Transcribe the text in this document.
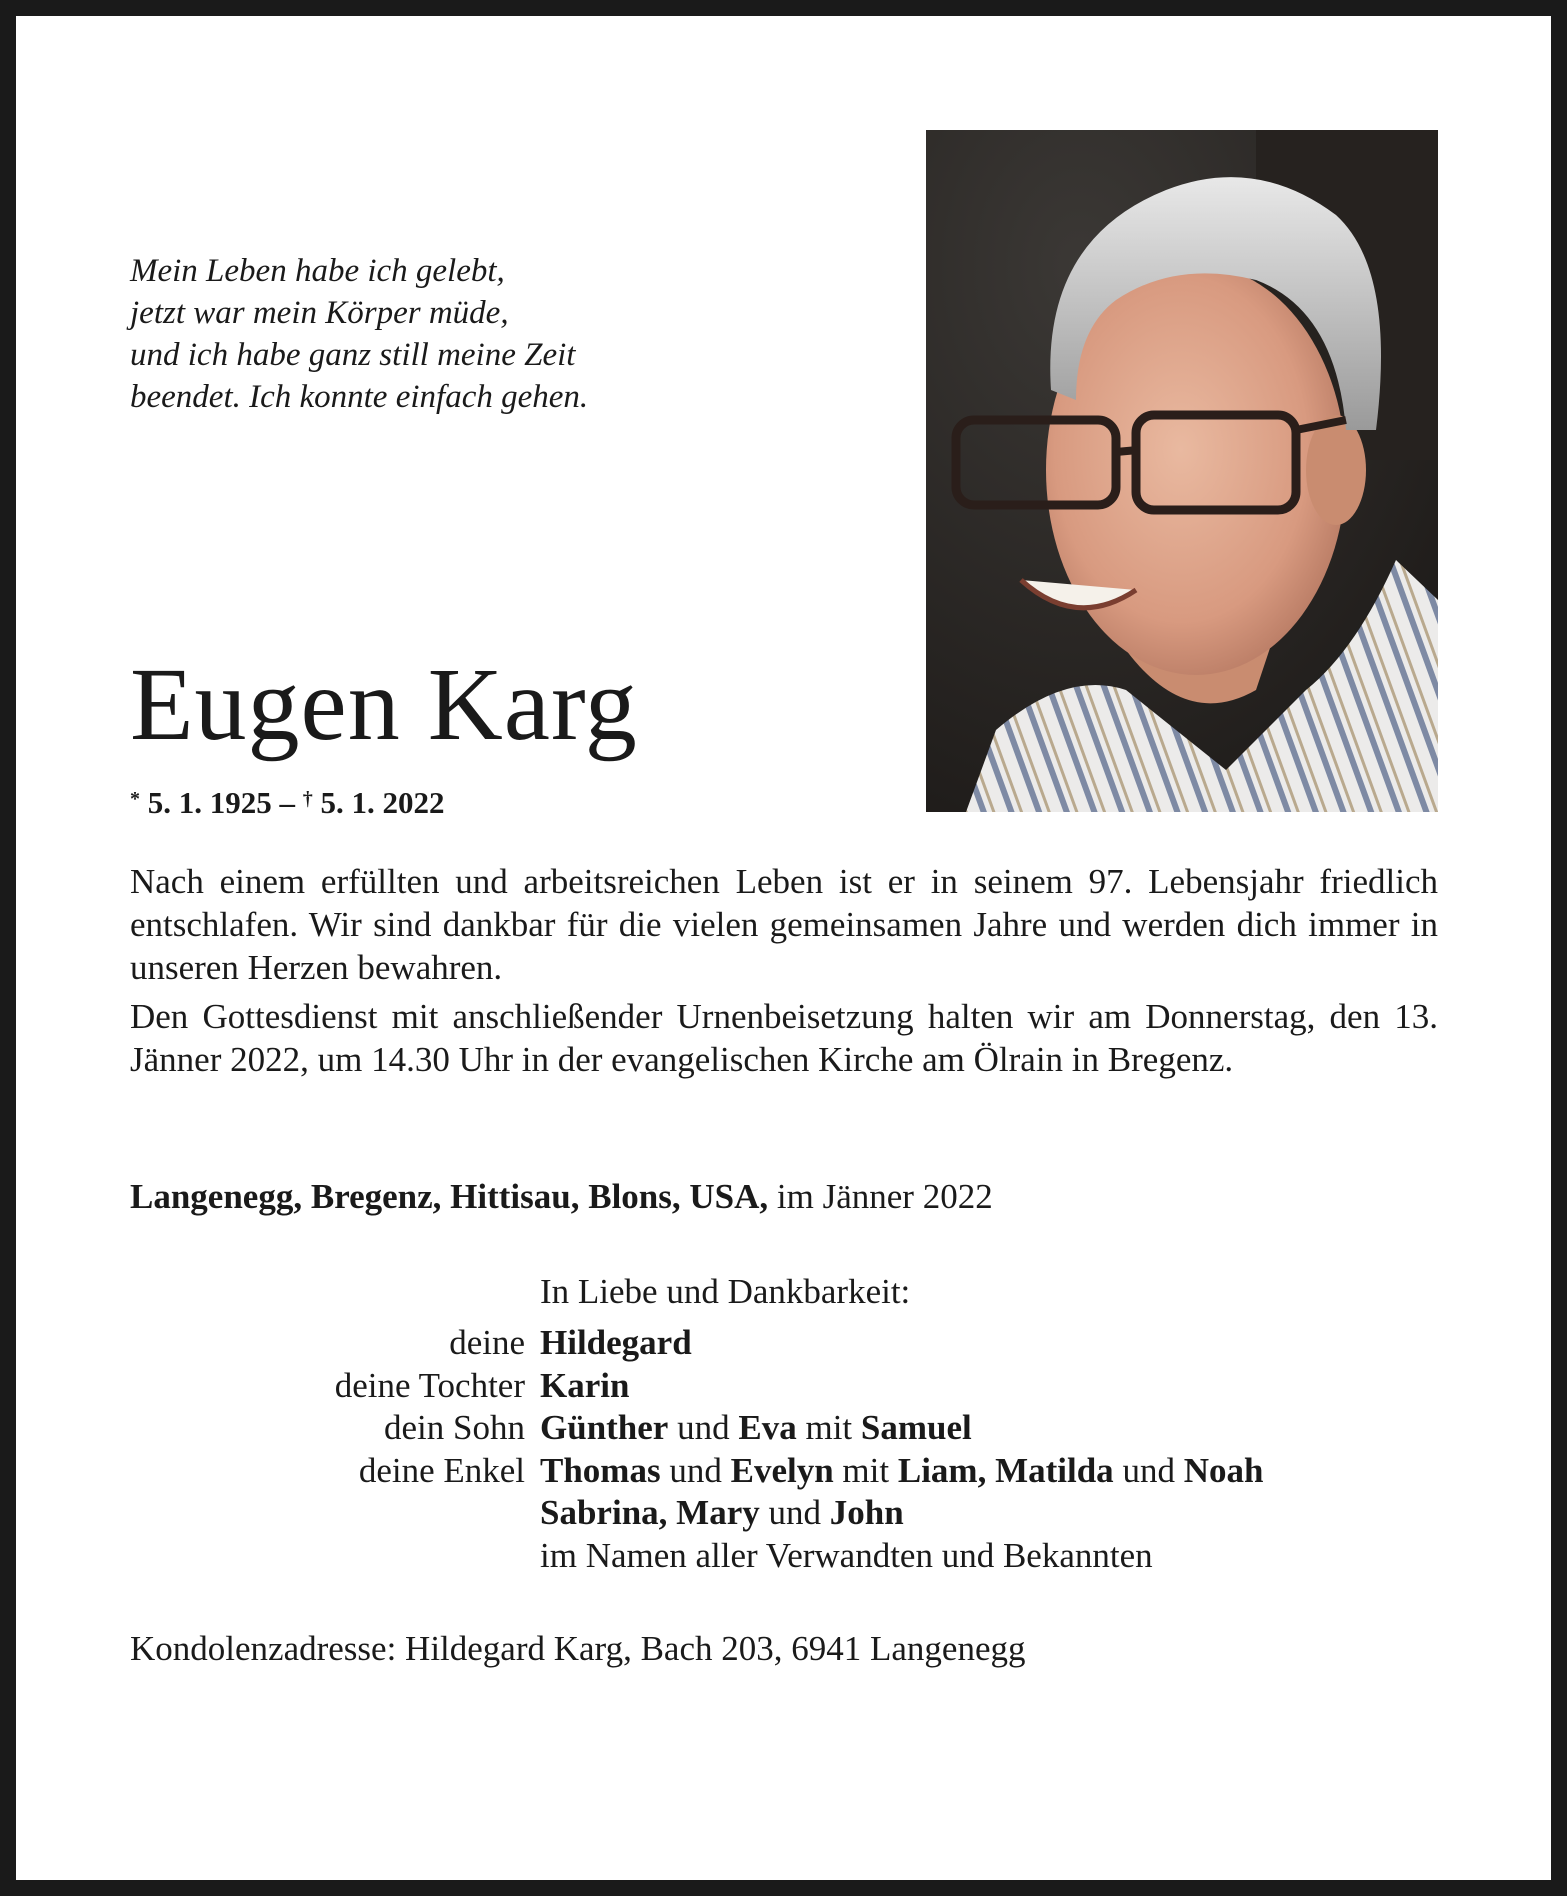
Mein Leben habe ich gelebt,
jetzt war mein Körper müde,
und ich habe ganz still meine Zeit
beendet. Ich konnte einfach gehen.
Eugen Karg
* 5. 1. 1925 – † 5. 1. 2022

Nach einem erfüllten und arbeitsreichen Leben ist er in seinem 97. Lebensjahr friedlich entschlafen. Wir sind dankbar für die vielen gemeinsamen Jahre und werden dich immer in unseren Herzen bewahren.

Den Gottesdienst mit anschließender Urnenbeisetzung halten wir am Donnerstag, den 13. Jänner 2022, um 14.30 Uhr in der evangelischen Kirche am Ölrain in Bregenz.

Langenegg, Bregenz, Hittisau, Blons, USA, im Jänner 2022
In Liebe und Dankbarkeit:
deine Hildegard
deine Tochter Karin
dein Sohn Günther und Eva mit Samuel
deine Enkel Thomas und Evelyn mit Liam, Matilda und Noah
Sabrina, Mary und John
im Namen aller Verwandten und Bekannten
Kondolenzadresse: Hildegard Karg, Bach 203, 6941 Langenegg
